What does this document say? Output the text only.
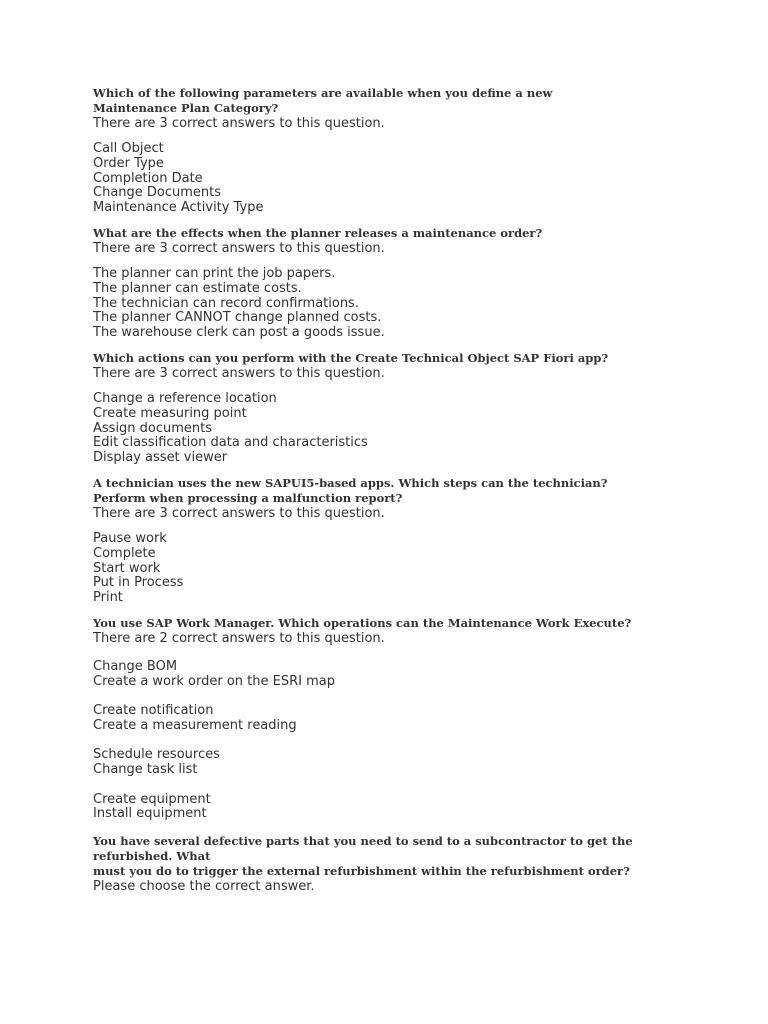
Which of the following parameters are available when you define a new
Maintenance Plan Category?

There are 3 correct answers to this question.

Call Object
Order Type
Completion Date
Change Documents
Maintenance Activity Type

What are the effects when the planner releases a maintenance order?

There are 3 correct answers to this question.

The planner can print the job papers.
The planner can estimate costs.
The technician can record confirmations.
The planner CANNOT change planned costs.
The warehouse clerk can post a goods issue.

Which actions can you perform with the Create Technical Object SAP Fiori app?

There are 3 correct answers to this question.

Change a reference location
Create measuring point
Assign documents
Edit classification data and characteristics
Display asset viewer

A technician uses the new SAPUI5-based apps. Which steps can the technician?
Perform when processing a malfunction report?

There are 3 correct answers to this question.

Pause work
Complete
Start work
Put in Process
Print

You use SAP Work Manager. Which operations can the Maintenance Work Execute?

There are 2 correct answers to this question.

Change BOM
Create a work order on the ESRI map
Create notification
Create a measurement reading
Schedule resources
Change task list
Create equipment
Install equipment

You have several defective parts that you need to send to a subcontractor to get the refurbished. What
must you do to trigger the external refurbishment within the refurbishment order?

Please choose the correct answer.
